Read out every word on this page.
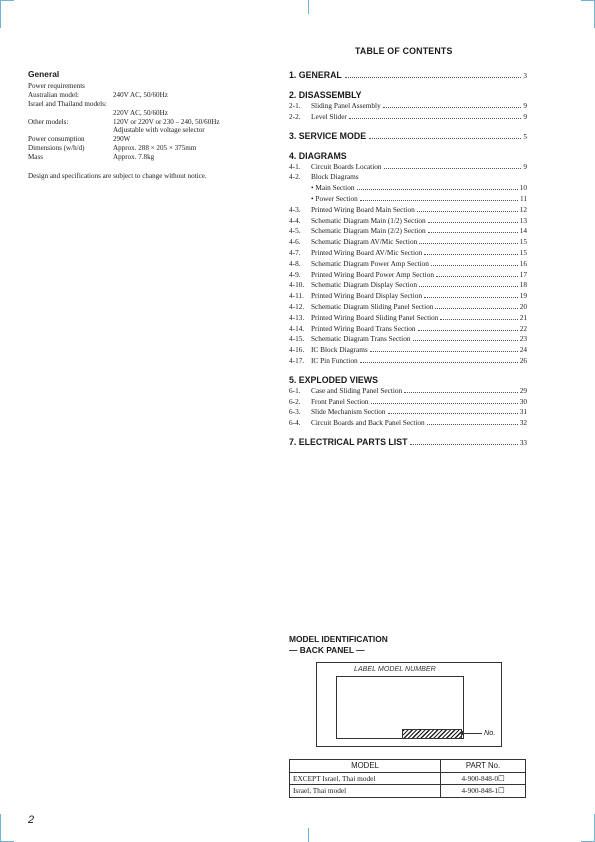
General
Power requirements
Australian model:	240V AC, 50/60Hz
Israel and Thailand models:
220V AC, 50/60Hz
Other models:	120V or 220V or 230 – 240, 50/60Hz
Adjustable with voltage selector
Power consumption	290W
Dimensions (w/h/d)	Approx. 288 × 205 × 375mm
Mass	Approx. 7.8kg
Design and specifications are subject to change without notice.
TABLE OF CONTENTS
1. GENERAL	3
2. DISASSEMBLY
2-1.	Sliding Panel Assembly	9
2-2.	Level Slider	9
3. SERVICE MODE	5
4. DIAGRAMS
4-1.	Circuit Boards Location	9
4-2.	Block Diagrams
• Main Section	10
• Power Section	11
4-3.	Printed Wiring Board Main Section	12
4-4.	Schematic Diagram Main (1/2) Section	13
4-5.	Schematic Diagram Main (2/2) Section	14
4-6.	Schematic Diagram AV/Mic Section	15
4-7.	Printed Wiring Board AV/Mic Section	15
4-8.	Schematic Diagram Power Amp Section	16
4-9.	Printed Wiring Board Power Amp Section	17
4-10. Schematic Diagram Display Section	18
4-11. Printed Wiring Board Display Section	19
4-12. Schematic Diagram Sliding Panel Section	20
4-13. Printed Wiring Board Sliding Panel Section	21
4-14. Printed Wiring Board Trans Section	22
4-15. Schematic Diagram Trans Section	23
4-16. IC Block Diagrams	24
4-17. IC Pin Function	26
5. EXPLODED VIEWS
6-1.	Case and Sliding Panel Section	29
6-2.	Front Panel Section	30
6-3.	Slide Mechanism Section	31
6-4.	Circuit Boards and Back Panel Section	32
7. ELECTRICAL PARTS LIST	33
MODEL IDENTIFICATION
— BACK PANEL —
LABEL MODEL NUMBER
No.
MODEL	PART No.
EXCEPT Israel, Thai model	4-900-848-0☐
Israel, Thai model	4-900-848-1☐
2
